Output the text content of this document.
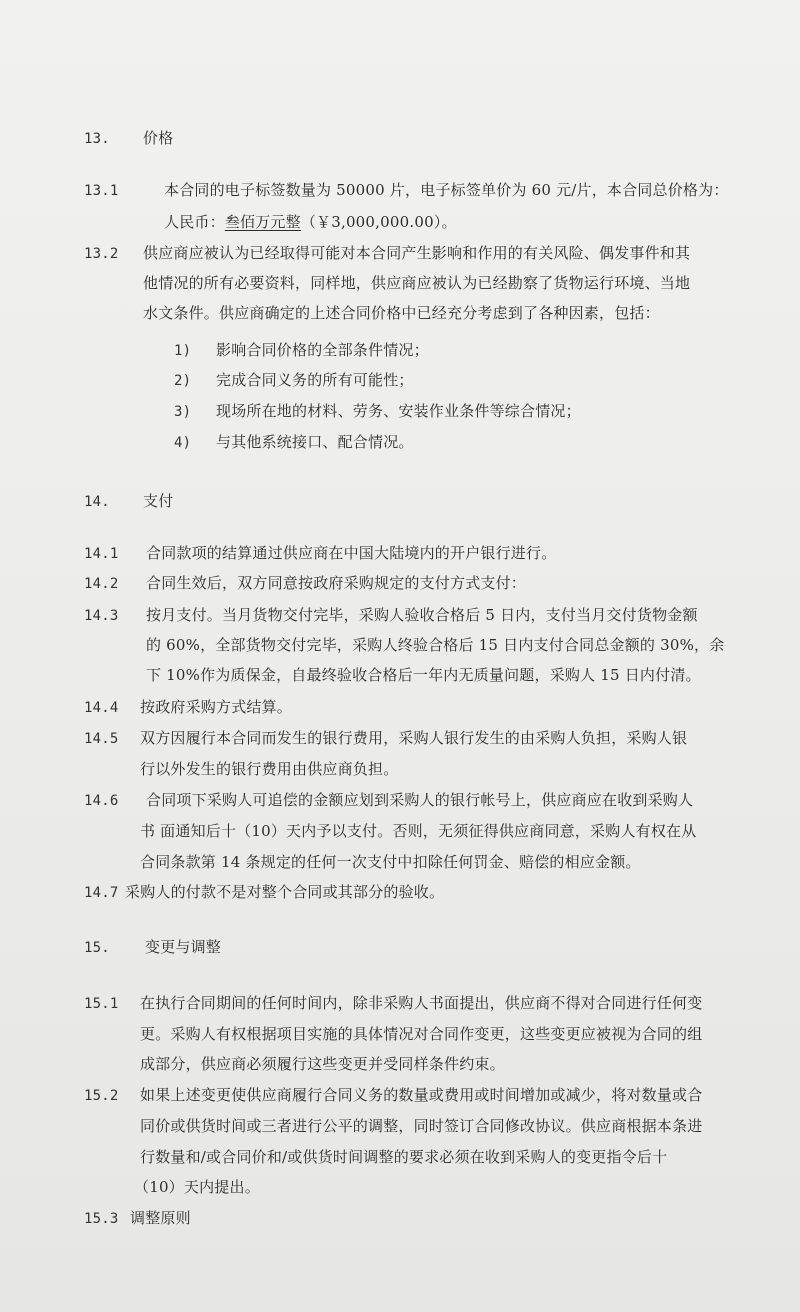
13. 价格
13.1	本合同的电子标签数量为 50000 片，电子标签单价为 60 元/片，本合同总价格为：
人民币：叁佰万元整（￥3,000,000.00）。
13.2 供应商应被认为已经取得可能对本合同产生影响和作用的有关风险、偶发事件和其
他情况的所有必要资料，同样地，供应商应被认为已经勘察了货物运行环境、当地
水文条件。供应商确定的上述合同价格中已经充分考虑到了各种因素，包括：
1) 影响合同价格的全部条件情况；
2) 完成合同义务的所有可能性；
3) 现场所在地的材料、劳务、安装作业条件等综合情况；
4) 与其他系统接口、配合情况。
14. 支付
14.1 合同款项的结算通过供应商在中国大陆境内的开户银行进行。
14.2 合同生效后，双方同意按政府采购规定的支付方式支付：
14.3 按月支付。当月货物交付完毕，采购人验收合格后 5 日内，支付当月交付货物金额
的 60%，全部货物交付完毕，采购人终验合格后 15 日内支付合同总金额的 30%，余
下 10%作为质保金，自最终验收合格后一年内无质量问题，采购人 15 日内付清。
14.4 按政府采购方式结算。
14.5 双方因履行本合同而发生的银行费用，采购人银行发生的由采购人负担，采购人银
行以外发生的银行费用由供应商负担。
14.6 合同项下采购人可追偿的金额应划到采购人的银行帐号上，供应商应在收到采购人
书 面通知后十（10）天内予以支付。否则，无须征得供应商同意，采购人有权在从
合同条款第 14 条规定的任何一次支付中扣除任何罚金、赔偿的相应金额。
14.7 采购人的付款不是对整个合同或其部分的验收。
15. 变更与调整
15.1 在执行合同期间的任何时间内，除非采购人书面提出，供应商不得对合同进行任何变
更。采购人有权根据项目实施的具体情况对合同作变更，这些变更应被视为合同的组
成部分，供应商必须履行这些变更并受同样条件约束。
15.2 如果上述变更使供应商履行合同义务的数量或费用或时间增加或减少，将对数量或合
同价或供货时间或三者进行公平的调整，同时签订合同修改协议。供应商根据本条进
行数量和/或合同价和/或供货时间调整的要求必须在收到采购人的变更指令后十
（10）天内提出。
15.3 调整原则
